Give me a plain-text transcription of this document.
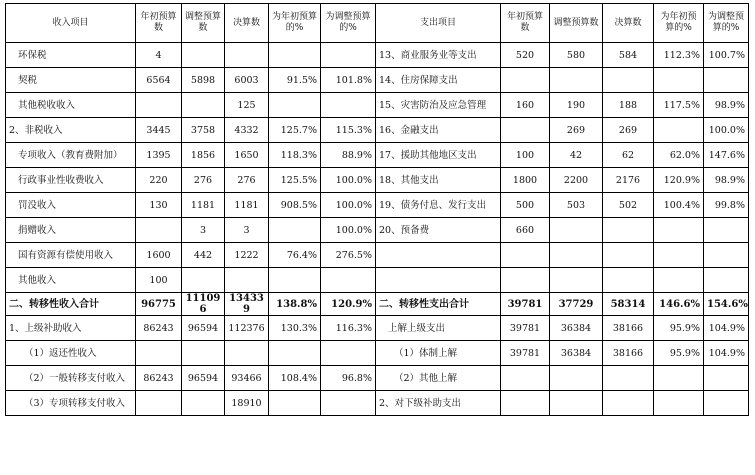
收入项目	年初预算数	调整预算数	决算数	为年初预算的%	为调整预算的%	支出项目	年初预算数	调整预算数	决算数	为年初预算的%	为调整预算的%
环保税	4					13、商业服务业等支出	520	580	584	112.3%	100.7%
契税	6564	5898	6003	91.5%	101.8%	14、住房保障支出					
其他税收收入			125			15、灾害防治及应急管理	160	190	188	117.5%	98.9%
2、非税收入	3445	3758	4332	125.7%	115.3%	16、金融支出		269	269		100.0%
专项收入（教育费附加）	1395	1856	1650	118.3%	88.9%	17、援助其他地区支出	100	42	62	62.0%	147.6%
行政事业性收费收入	220	276	276	125.5%	100.0%	18、其他支出	1800	2200	2176	120.9%	98.9%
罚没收入	130	1181	1181	908.5%	100.0%	19、债务付息、发行支出	500	503	502	100.4%	99.8%
捐赠收入		3	3		100.0%	20、预备费	660				
国有资源有偿使用收入	1600	442	1222	76.4%	276.5%						
其他收入	100										
二、转移性收入合计	96775	111096	134339	138.8%	120.9%	二、转移性支出合计	39781	37729	58314	146.6%	154.6%
1、上级补助收入	86243	96594	112376	130.3%	116.3%	上解上级支出	39781	36384	38166	95.9%	104.9%
（1）返还性收入						（1）体制上解	39781	36384	38166	95.9%	104.9%
（2）一般转移支付收入	86243	96594	93466	108.4%	96.8%	（2）其他上解					
（3）专项转移支付收入			18910			2、对下级补助支出					
